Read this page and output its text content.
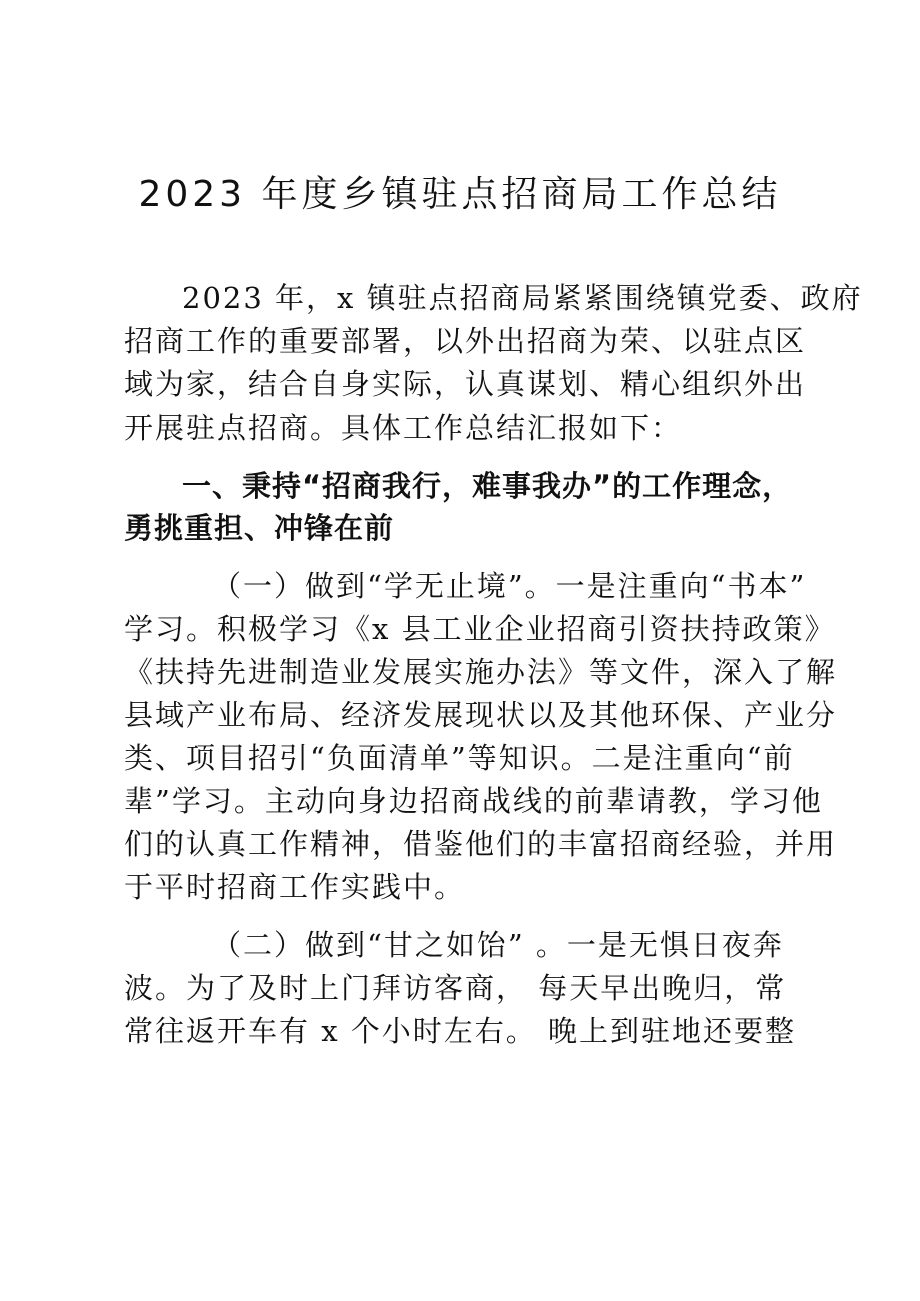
2023 年度乡镇驻点招商局工作总结

2023 年，x 镇驻点招商局紧紧围绕镇党委、政府

招商工作的重要部署，以外出招商为荣、以驻点区

域为家，结合自身实际，认真谋划、精心组织外出

开展驻点招商。具体工作总结汇报如下：

一、秉持“招商我行，难事我办”的工作理念，

勇挑重担、冲锋在前

（一）做到“学无止境”。一是注重向“书本”

学习。积极学习《x 县工业企业招商引资扶持政策》

《扶持先进制造业发展实施办法》等文件，深入了解

县域产业布局、经济发展现状以及其他环保、产业分

类、项目招引“负面清单”等知识。二是注重向“前

辈”学习。主动向身边招商战线的前辈请教，学习他

们的认真工作精神，借鉴他们的丰富招商经验，并用

于平时招商工作实践中。

（二）做到“甘之如饴” 。一是无惧日夜奔

波。为了及时上门拜访客商， 每天早出晚归，常

常往返开车有 x 个小时左右。 晚上到驻地还要整
